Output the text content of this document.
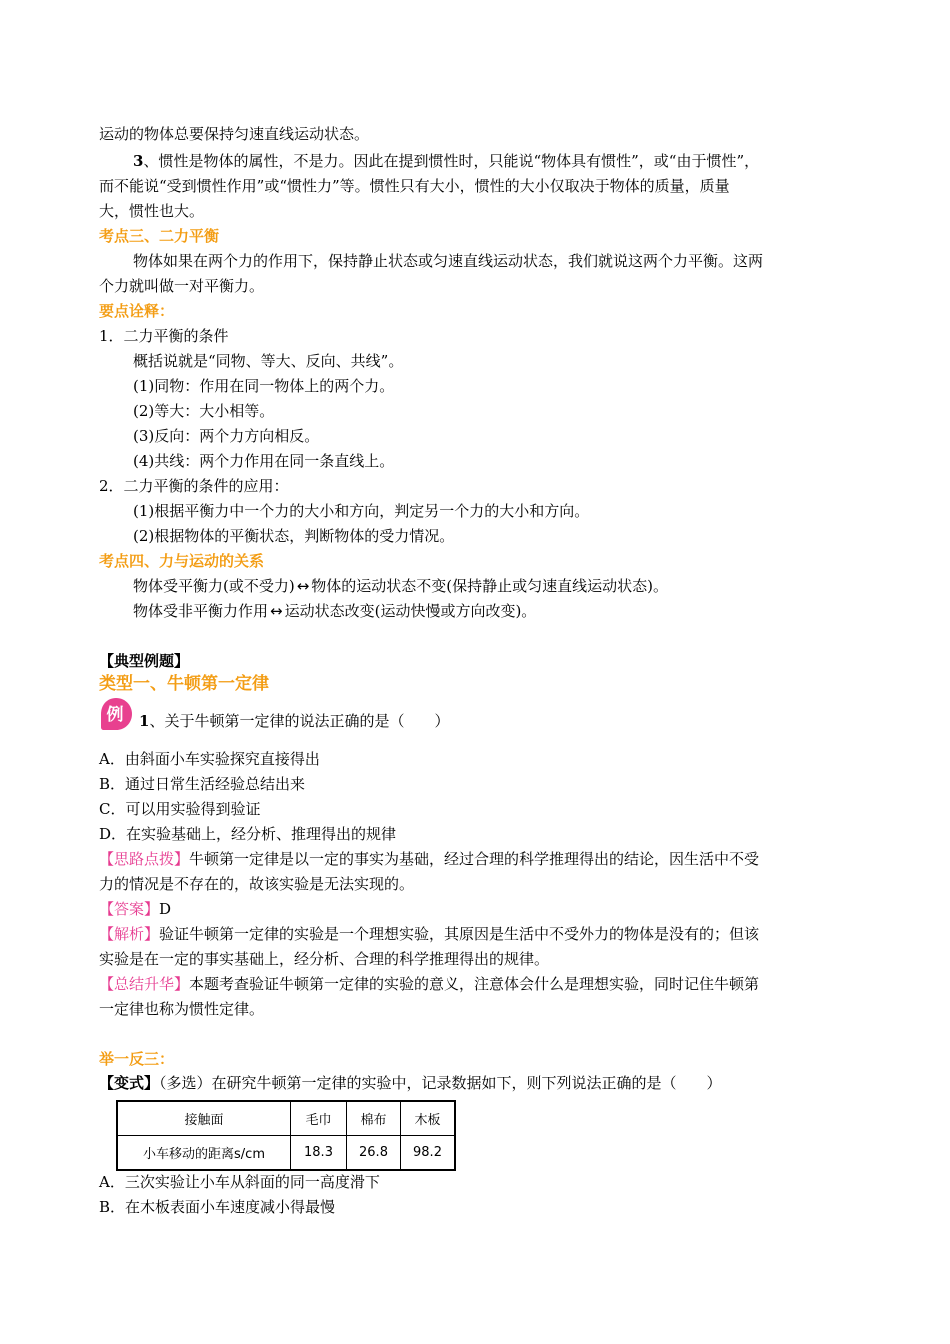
运动的物体总要保持匀速直线运动状态。
3、惯性是物体的属性，不是力。因此在提到惯性时，只能说“物体具有惯性”，或“由于惯性”，
而不能说“受到惯性作用”或“惯性力”等。惯性只有大小，惯性的大小仅取决于物体的质量，质量
大，惯性也大。
考点三、二力平衡
物体如果在两个力的作用下，保持静止状态或匀速直线运动状态，我们就说这两个力平衡。这两
个力就叫做一对平衡力。
要点诠释：
1．二力平衡的条件
概括说就是“同物、等大、反向、共线”。
(1)同物：作用在同一物体上的两个力。
(2)等大：大小相等。
(3)反向：两个力方向相反。
(4)共线：两个力作用在同一条直线上。
2．二力平衡的条件的应用：
(1)根据平衡力中一个力的大小和方向，判定另一个力的大小和方向。
(2)根据物体的平衡状态，判断物体的受力情况。
考点四、力与运动的关系
物体受平衡力(或不受力) ↔ 物体的运动状态不变(保持静止或匀速直线运动状态)。
物体受非平衡力作用 ↔ 运动状态改变(运动快慢或方向改变)。
【典型例题】
类型一、牛顿第一定律
例 1、关于牛顿第一定律的说法正确的是（　　）
A．由斜面小车实验探究直接得出
B．通过日常生活经验总结出来
C．可以用实验得到验证
D．在实验基础上，经分析、推理得出的规律
【思路点拨】牛顿第一定律是以一定的事实为基础，经过合理的科学推理得出的结论，因生活中不受
力的情况是不存在的，故该实验是无法实现的。
【答案】D
【解析】验证牛顿第一定律的实验是一个理想实验，其原因是生活中不受外力的物体是没有的；但该
实验是在一定的事实基础上，经分析、合理的科学推理得出的规律。
【总结升华】本题考查验证牛顿第一定律的实验的意义，注意体会什么是理想实验，同时记住牛顿第
一定律也称为惯性定律。
举一反三：
【变式】（多选）在研究牛顿第一定律的实验中，记录数据如下，则下列说法正确的是（　　）
接触面	毛巾	棉布	木板
小车移动的距离s/cm	18.3	26.8	98.2
A．三次实验让小车从斜面的同一高度滑下
B．在木板表面小车速度减小得最慢
